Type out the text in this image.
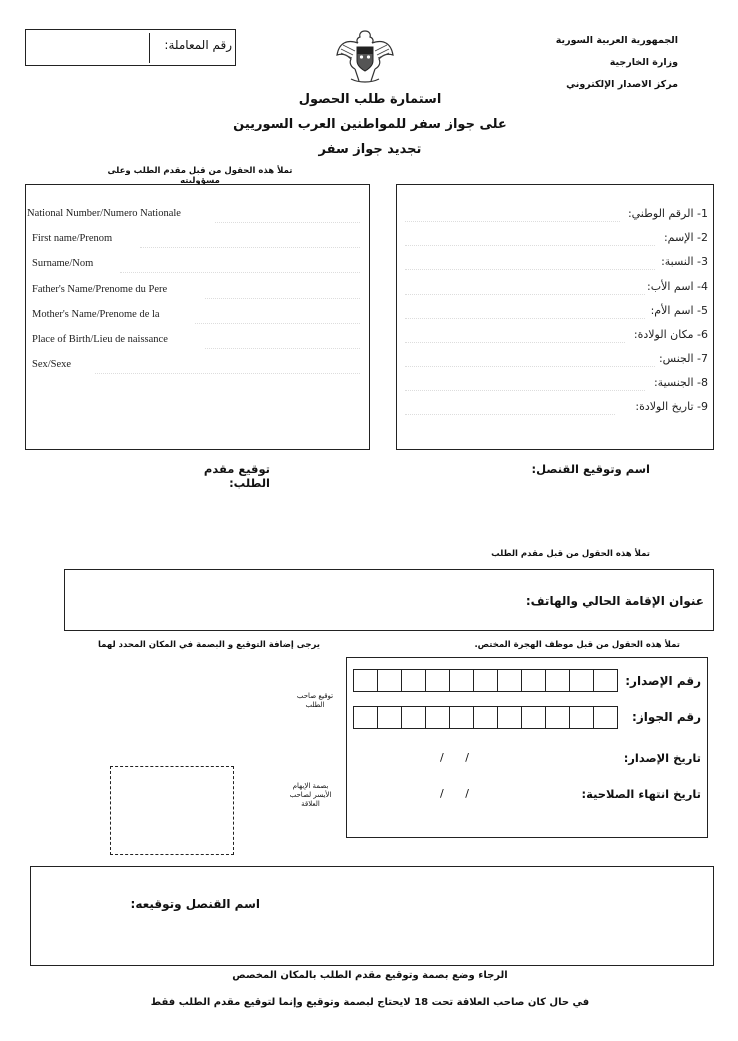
رقم المعاملة:	الجمهورية العربية السورية
وزارة الخارجية
مركز الاصدار الإلكتروني
استمارة طلب الحصول
على جواز سفر للمواطنين العرب السوريين
تجديد جواز سفر
تملأ هذه الحقول من قبل مقدم الطلب وعلى مسؤوليته
National Number/Numero Nationale
First name/Prenom
Surname/Nom
Father's Name/Prenome du Pere
Mother's Name/Prenome de la
Place of Birth/Lieu de naissance
Sex/Sexe
1- الرقم الوطني:
2- الإسم:
3- النسبة:
4- اسم الأب:
5- اسم الأم:
6- مكان الولادة:
7- الجنس:
8- الجنسية:
9- تاريخ الولادة:
توقيع مقدم الطلب:
اسم وتوقيع القنصل:
تملأ هذه الحقول من قبل مقدم الطلب
عنوان الإقامة الحالي والهاتف:
يرجى إضافة التوقيع و البصمة في المكان المحدد لهما	تملأ هذه الحقول من قبل موظف الهجرة المختص.
رقم الإصدار:
رقم الجواز:
تاريخ الإصدار:
تاريخ انتهاء الصلاحية:
/ /
/ /
توقيع صاحب الطلب
بصمة الإبهام الأيسر لصاحب العلاقة
اسم القنصل وتوقيعه:
الرجاء وضع بصمة وتوقيع مقدم الطلب بالمكان المخصص
في حال كان صاحب العلاقة تحت 18 لايحتاج لبصمة وتوقيع وإنما لتوقيع مقدم الطلب فقط
